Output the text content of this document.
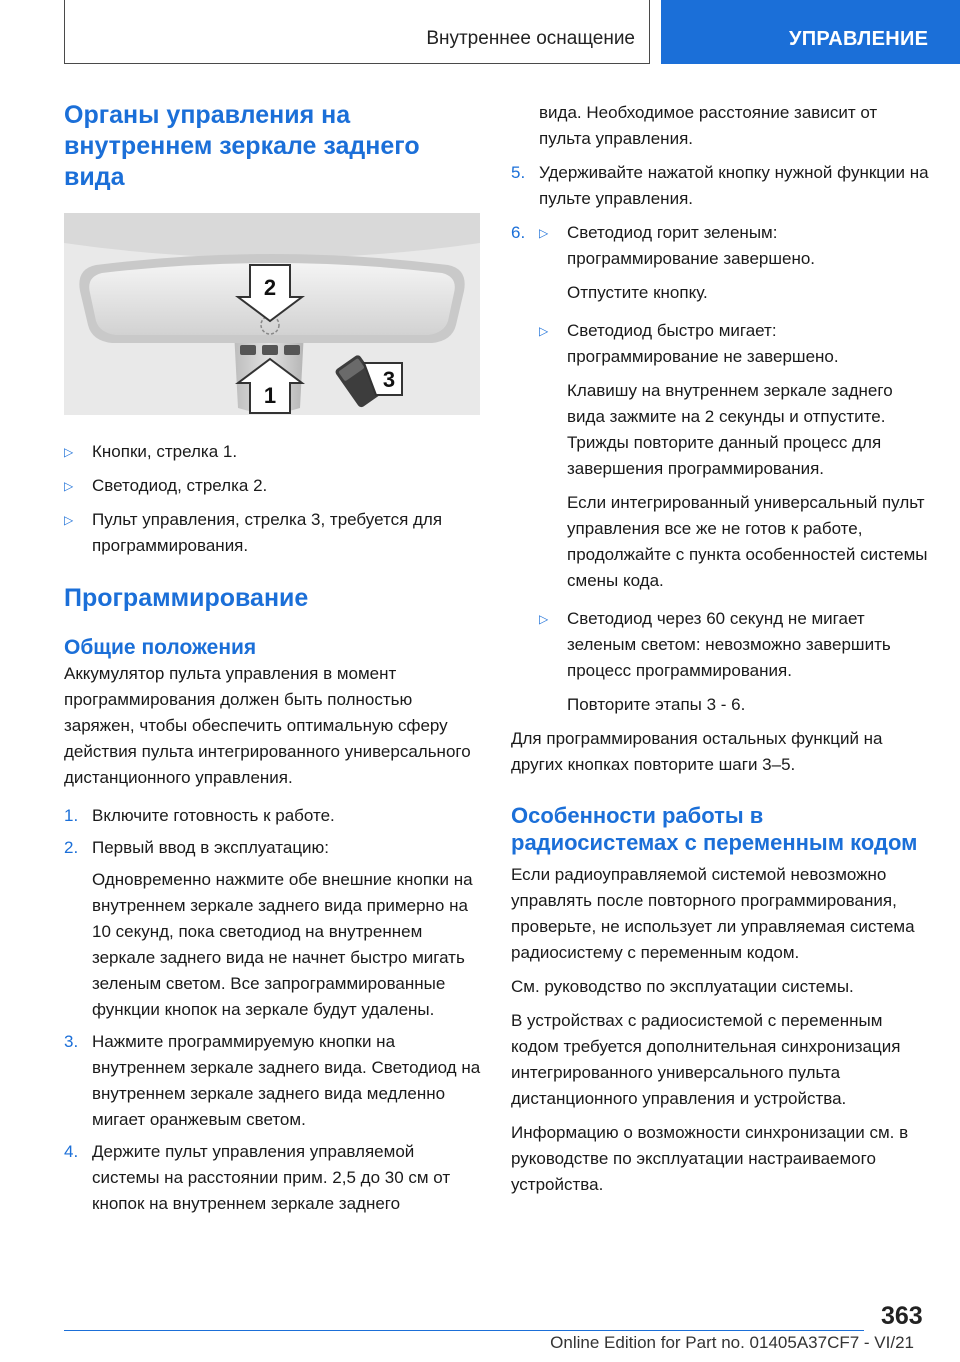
Внутреннее оснащение	УПРАВЛЕНИЕ
Органы управления на внутреннем зеркале заднего вида
2
1
3
▷	Кнопки, стрелка 1.
▷	Светодиод, стрелка 2.
▷	Пульт управления, стрелка 3, требуется для программирования.
Программирование
Общие положения

Аккумулятор пульта управления в момент программирования должен быть полностью заряжен, чтобы обеспечить оптимальную сферу действия пульта интегрированного универсального дистанционного управления.

1. Включите готовность к работе.
2. Первый ввод в эксплуатацию:

Одновременно нажмите обе внешние кнопки на внутреннем зеркале заднего вида примерно на 10 секунд, пока светодиод на внутреннем зеркале заднего вида не начнет быстро мигать зеленым светом. Все запрограммированные функции кнопок на зеркале будут удалены.

3. Нажмите программируемую кнопки на внутреннем зеркале заднего вида. Светодиод на внутреннем зеркале заднего вида медленно мигает оранжевым светом.
4. Держите пульт управления управляемой системы на расстоянии прим. 2,5 до 30 см от кнопок на внутреннем зеркале заднего

вида. Необходимое расстояние зависит от пульта управления.

5. Удерживайте нажатой кнопку нужной функции на пульте управления.
6.	▷	Светодиод горит зеленым: программирование завершено.

Отпустите кнопку.

▷	Светодиод быстро мигает: программирование не завершено.

Клавишу на внутреннем зеркале заднего вида зажмите на 2 секунды и отпустите. Трижды повторите данный процесс для завершения программирования.

Если интегрированный универсальный пульт управления все же не готов к работе, продолжайте с пункта особенностей системы смены кода.

▷	Светодиод через 60 секунд не мигает зеленым светом: невозможно завершить процесс программирования.

Повторите этапы 3 - 6.

Для программирования остальных функций на других кнопках повторите шаги 3–5.

Особенности работы в радиосистемах с переменным кодом

Если радиоуправляемой системой невозможно управлять после повторного программирования, проверьте, не использует ли управляемая система радиосистему с переменным кодом.

См. руководство по эксплуатации системы.

В устройствах с радиосистемой с переменным кодом требуется дополнительная синхронизация интегрированного универсального пульта дистанционного управления и устройства.

Информацию о возможности синхронизации см. в руководстве по эксплуатации настраиваемого устройства.

363
Online Edition for Part no. 01405A37CF7 - VI/21
